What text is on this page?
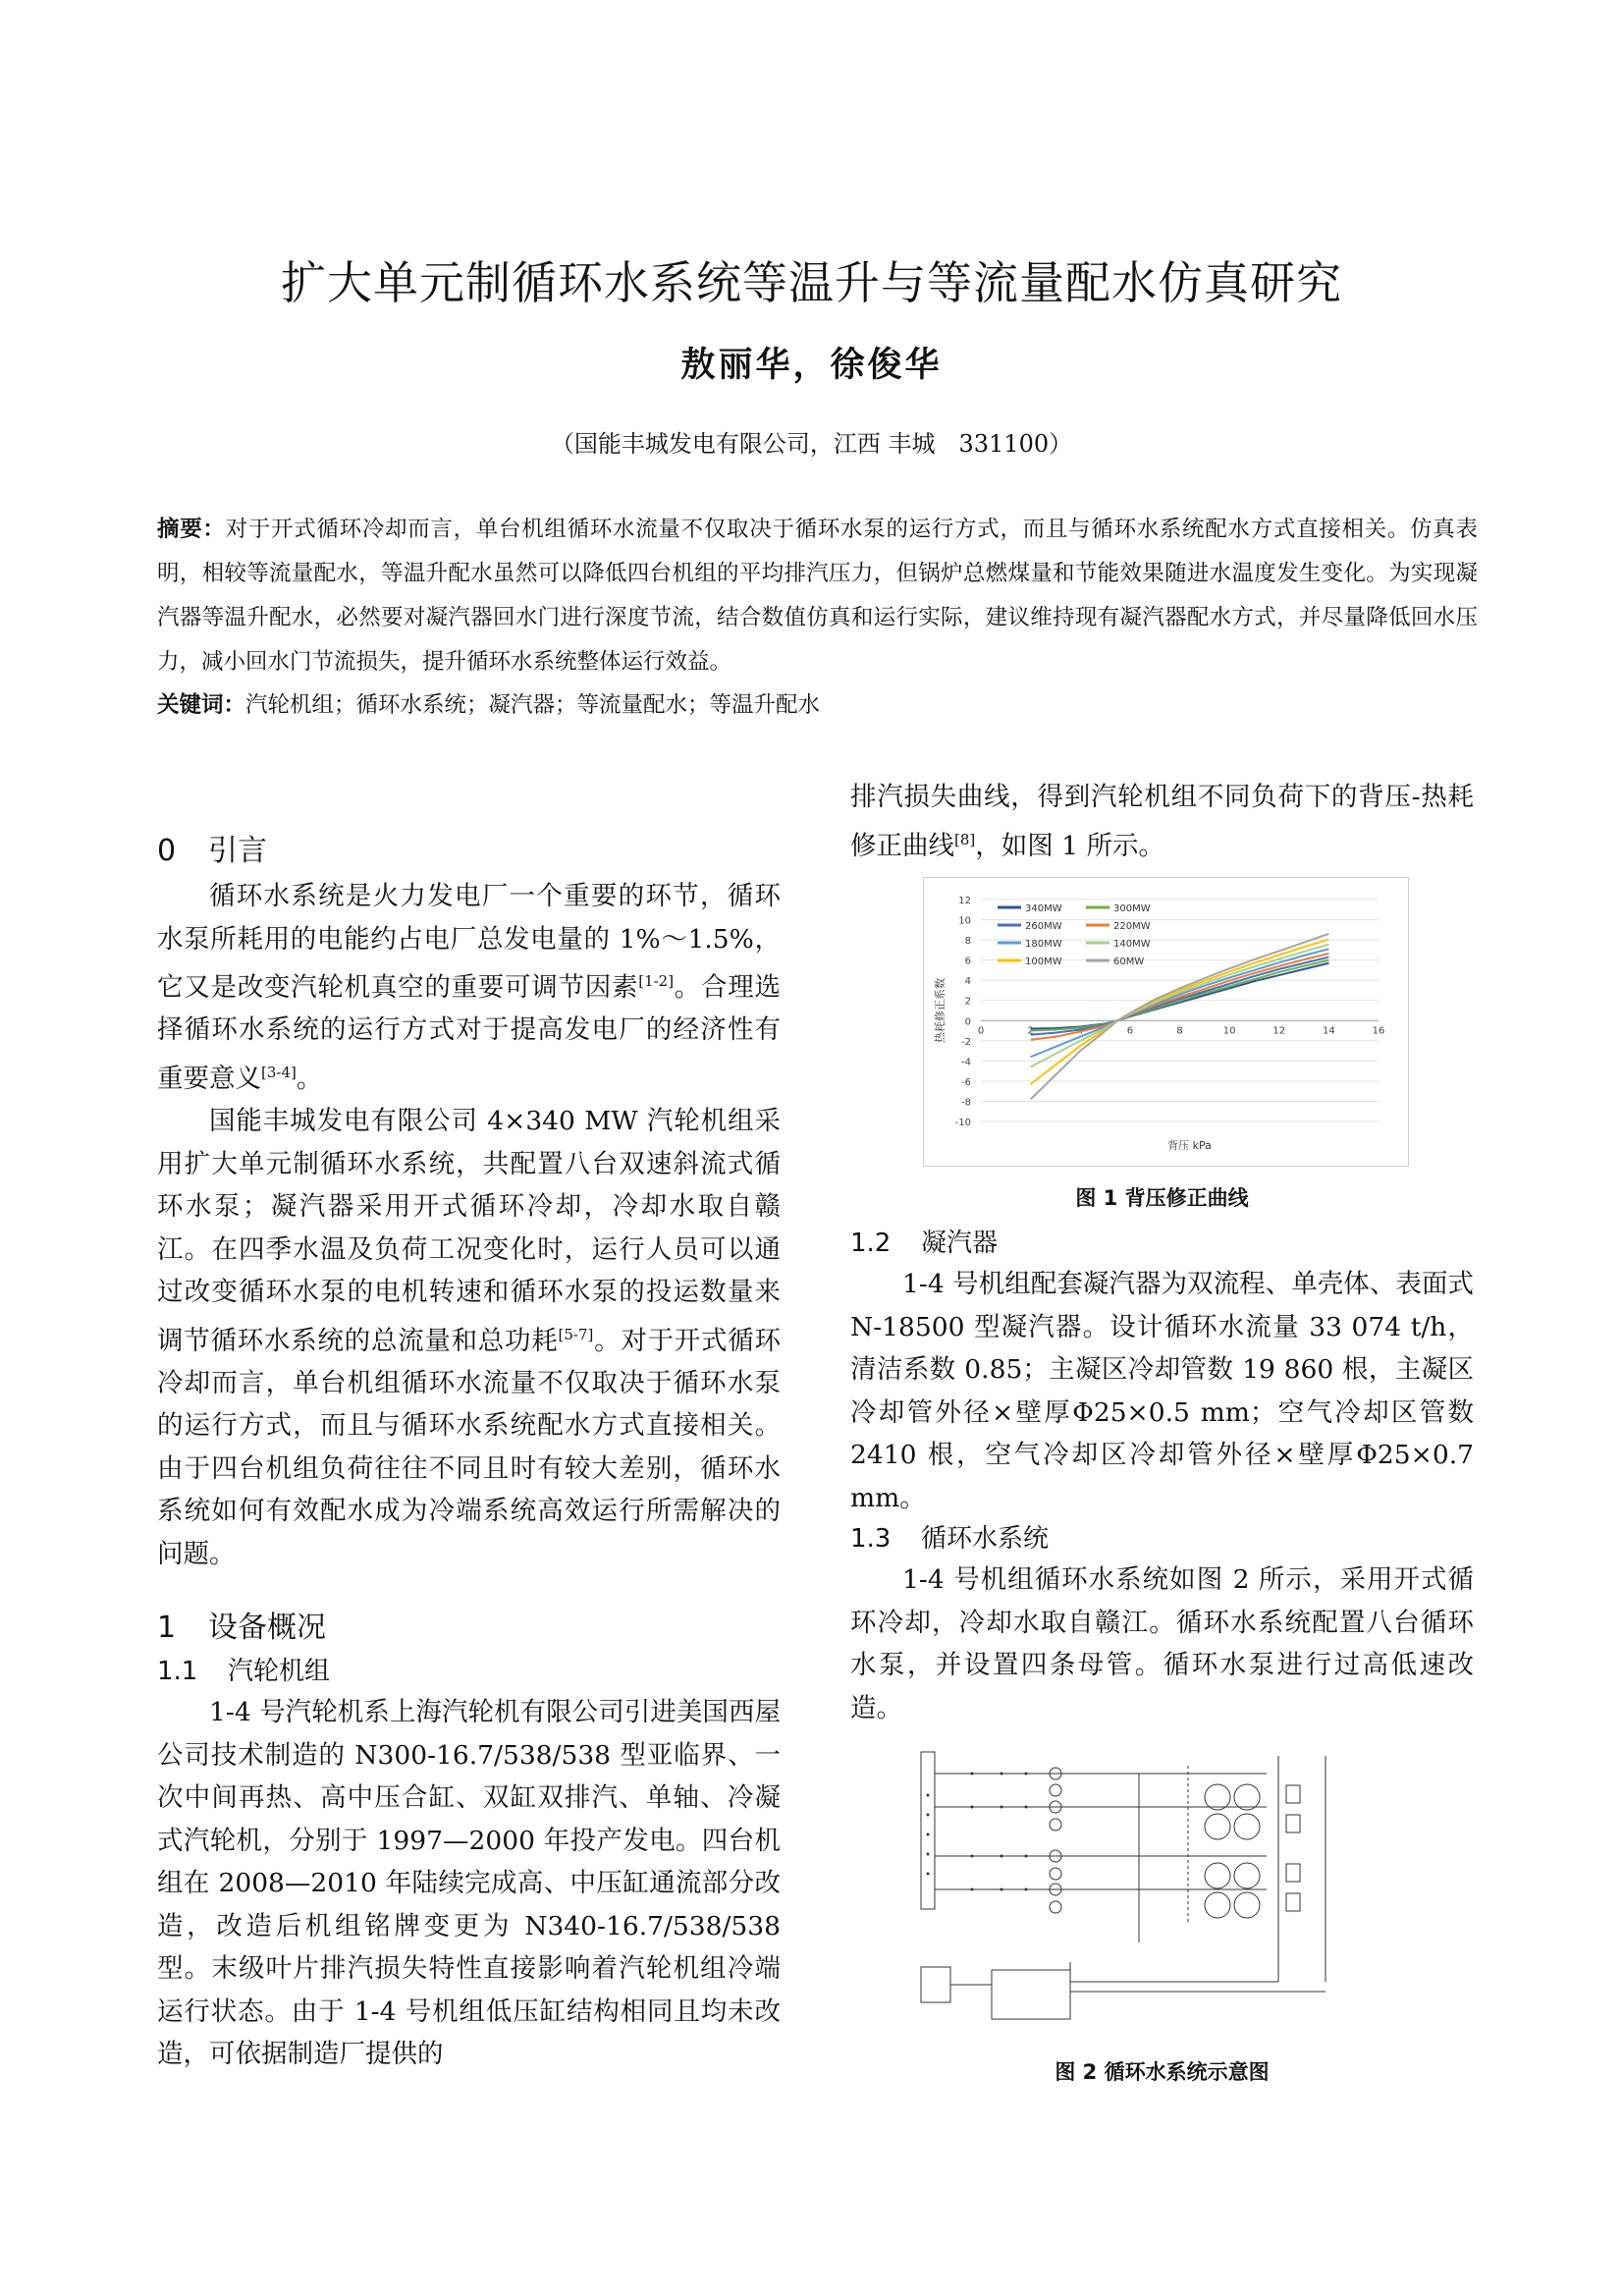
扩大单元制循环水系统等温升与等流量配水仿真研究
敖丽华，徐俊华
（国能丰城发电有限公司，江西 丰城　331100）
摘要：对于开式循环冷却而言，单台机组循环水流量不仅取决于循环水泵的运行方式，而且与循环水系统配水方式直接相关。仿真表明，相较等流量配水，等温升配水虽然可以降低四台机组的平均排汽压力，但锅炉总燃煤量和节能效果随进水温度发生变化。为实现凝汽器等温升配水，必然要对凝汽器回水门进行深度节流，结合数值仿真和运行实际，建议维持现有凝汽器配水方式，并尽量降低回水压力，减小回水门节流损失，提升循环水系统整体运行效益。
关键词：汽轮机组；循环水系统；凝汽器；等流量配水；等温升配水
0 引言

循环水系统是火力发电厂一个重要的环节，循环水泵所耗用的电能约占电厂总发电量的 1%～1.5%，它又是改变汽轮机真空的重要可调节因素[1-2]。合理选择循环水系统的运行方式对于提高发电厂的经济性有重要意义[3-4]。

国能丰城发电有限公司 4×340 MW 汽轮机组采用扩大单元制循环水系统，共配置八台双速斜流式循环水泵；凝汽器采用开式循环冷却，冷却水取自赣江。在四季水温及负荷工况变化时，运行人员可以通过改变循环水泵的电机转速和循环水泵的投运数量来调节循环水系统的总流量和总功耗[5-7]。对于开式循环冷却而言，单台机组循环水流量不仅取决于循环水泵的运行方式，而且与循环水系统配水方式直接相关。由于四台机组负荷往往不同且时有较大差别，循环水系统如何有效配水成为冷端系统高效运行所需解决的问题。

1 设备概况
1.1 汽轮机组

1-4 号汽轮机系上海汽轮机有限公司引进美国西屋公司技术制造的 N300-16.7/538/538 型亚临界、一次中间再热、高中压合缸、双缸双排汽、单轴、冷凝式汽轮机，分别于 1997—2000 年投产发电。四台机组在 2008—2010 年陆续完成高、中压缸通流部分改造，改造后机组铭牌变更为 N340-16.7/538/538 型。末级叶片排汽损失特性直接影响着汽轮机组冷端运行状态。由于 1-4 号机组低压缸结构相同且均未改造，可依据制造厂提供的

排汽损失曲线，得到汽轮机组不同负荷下的背压-热耗修正曲线[8]，如图 1 所示。

12
10
8
6
4
2
0
-2
-4
-6
-8
-10
0	2	4	6	8	10	12	14	16
背压 kPa
热耗修正系数
340MW	300MW
260MW	220MW
180MW	140MW
100MW	60MW
图 1 背压修正曲线
1.2 凝汽器

1-4 号机组配套凝汽器为双流程、单壳体、表面式 N-18500 型凝汽器。设计循环水流量 33 074 t/h，清洁系数 0.85；主凝区冷却管数 19 860 根，主凝区冷却管外径×壁厚Φ25×0.5 mm；空气冷却区管数 2410 根，空气冷却区冷却管外径×壁厚Φ25×0.7 mm。

1.3 循环水系统

1-4 号机组循环水系统如图 2 所示，采用开式循环冷却，冷却水取自赣江。循环水系统配置八台循环水泵，并设置四条母管。循环水泵进行过高低速改造。

图 2 循环水系统示意图
